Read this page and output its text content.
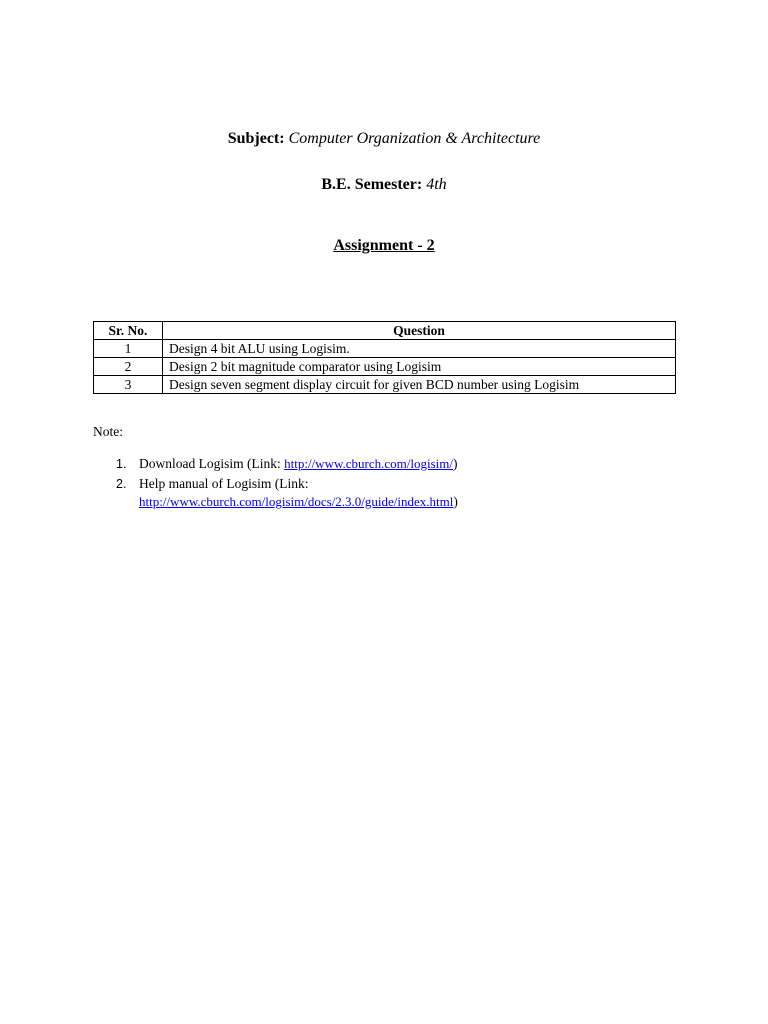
Subject: Computer Organization & Architecture
B.E. Semester: 4th
Assignment - 2
Sr. No.	Question
1	Design 4 bit ALU using Logisim.
2	Design 2 bit magnitude comparator using Logisim
3	Design seven segment display circuit for given BCD number using Logisim
Note:
1. Download Logisim (Link: http://www.cburch.com/logisim/)
2. Help manual of Logisim (Link:
http://www.cburch.com/logisim/docs/2.3.0/guide/index.html)
